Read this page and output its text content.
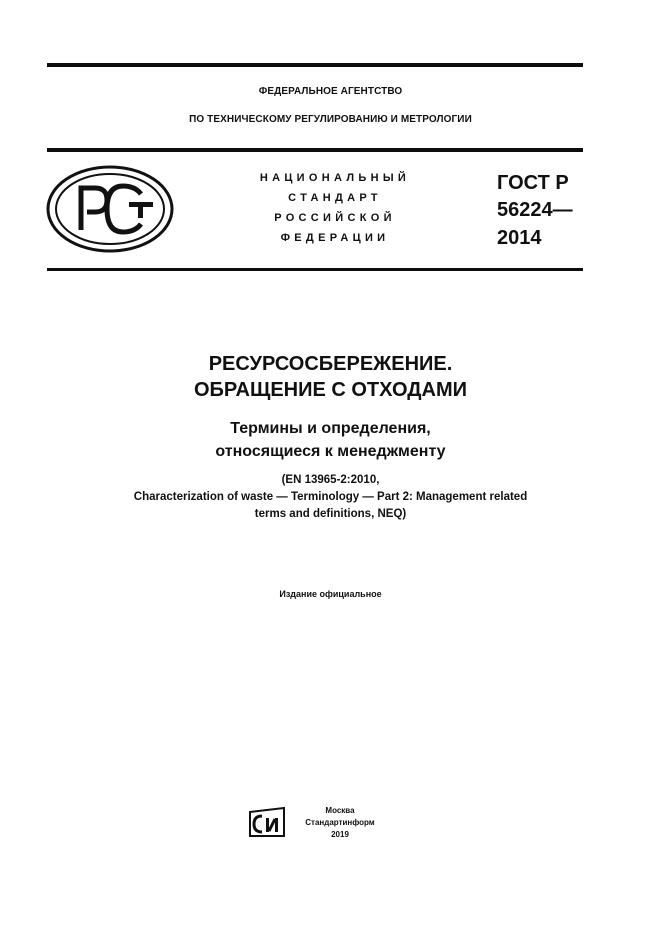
ФЕДЕРАЛЬНОЕ АГЕНТСТВО
ПО ТЕХНИЧЕСКОМУ РЕГУЛИРОВАНИЮ И МЕТРОЛОГИИ
НАЦИОНАЛЬНЫЙ
СТАНДАРТ
РОССИЙСКОЙ
ФЕДЕРАЦИИ
ГОСТ Р
56224—
2014
РЕСУРСОСБЕРЕЖЕНИЕ.
ОБРАЩЕНИЕ С ОТХОДАМИ
Термины и определения,
относящиеся к менеджменту
(EN 13965-2:2010,
Characterization of waste — Terminology — Part 2: Management related
terms and definitions, NEQ)
Издание официальное
Москва
Стандартинформ
2019
